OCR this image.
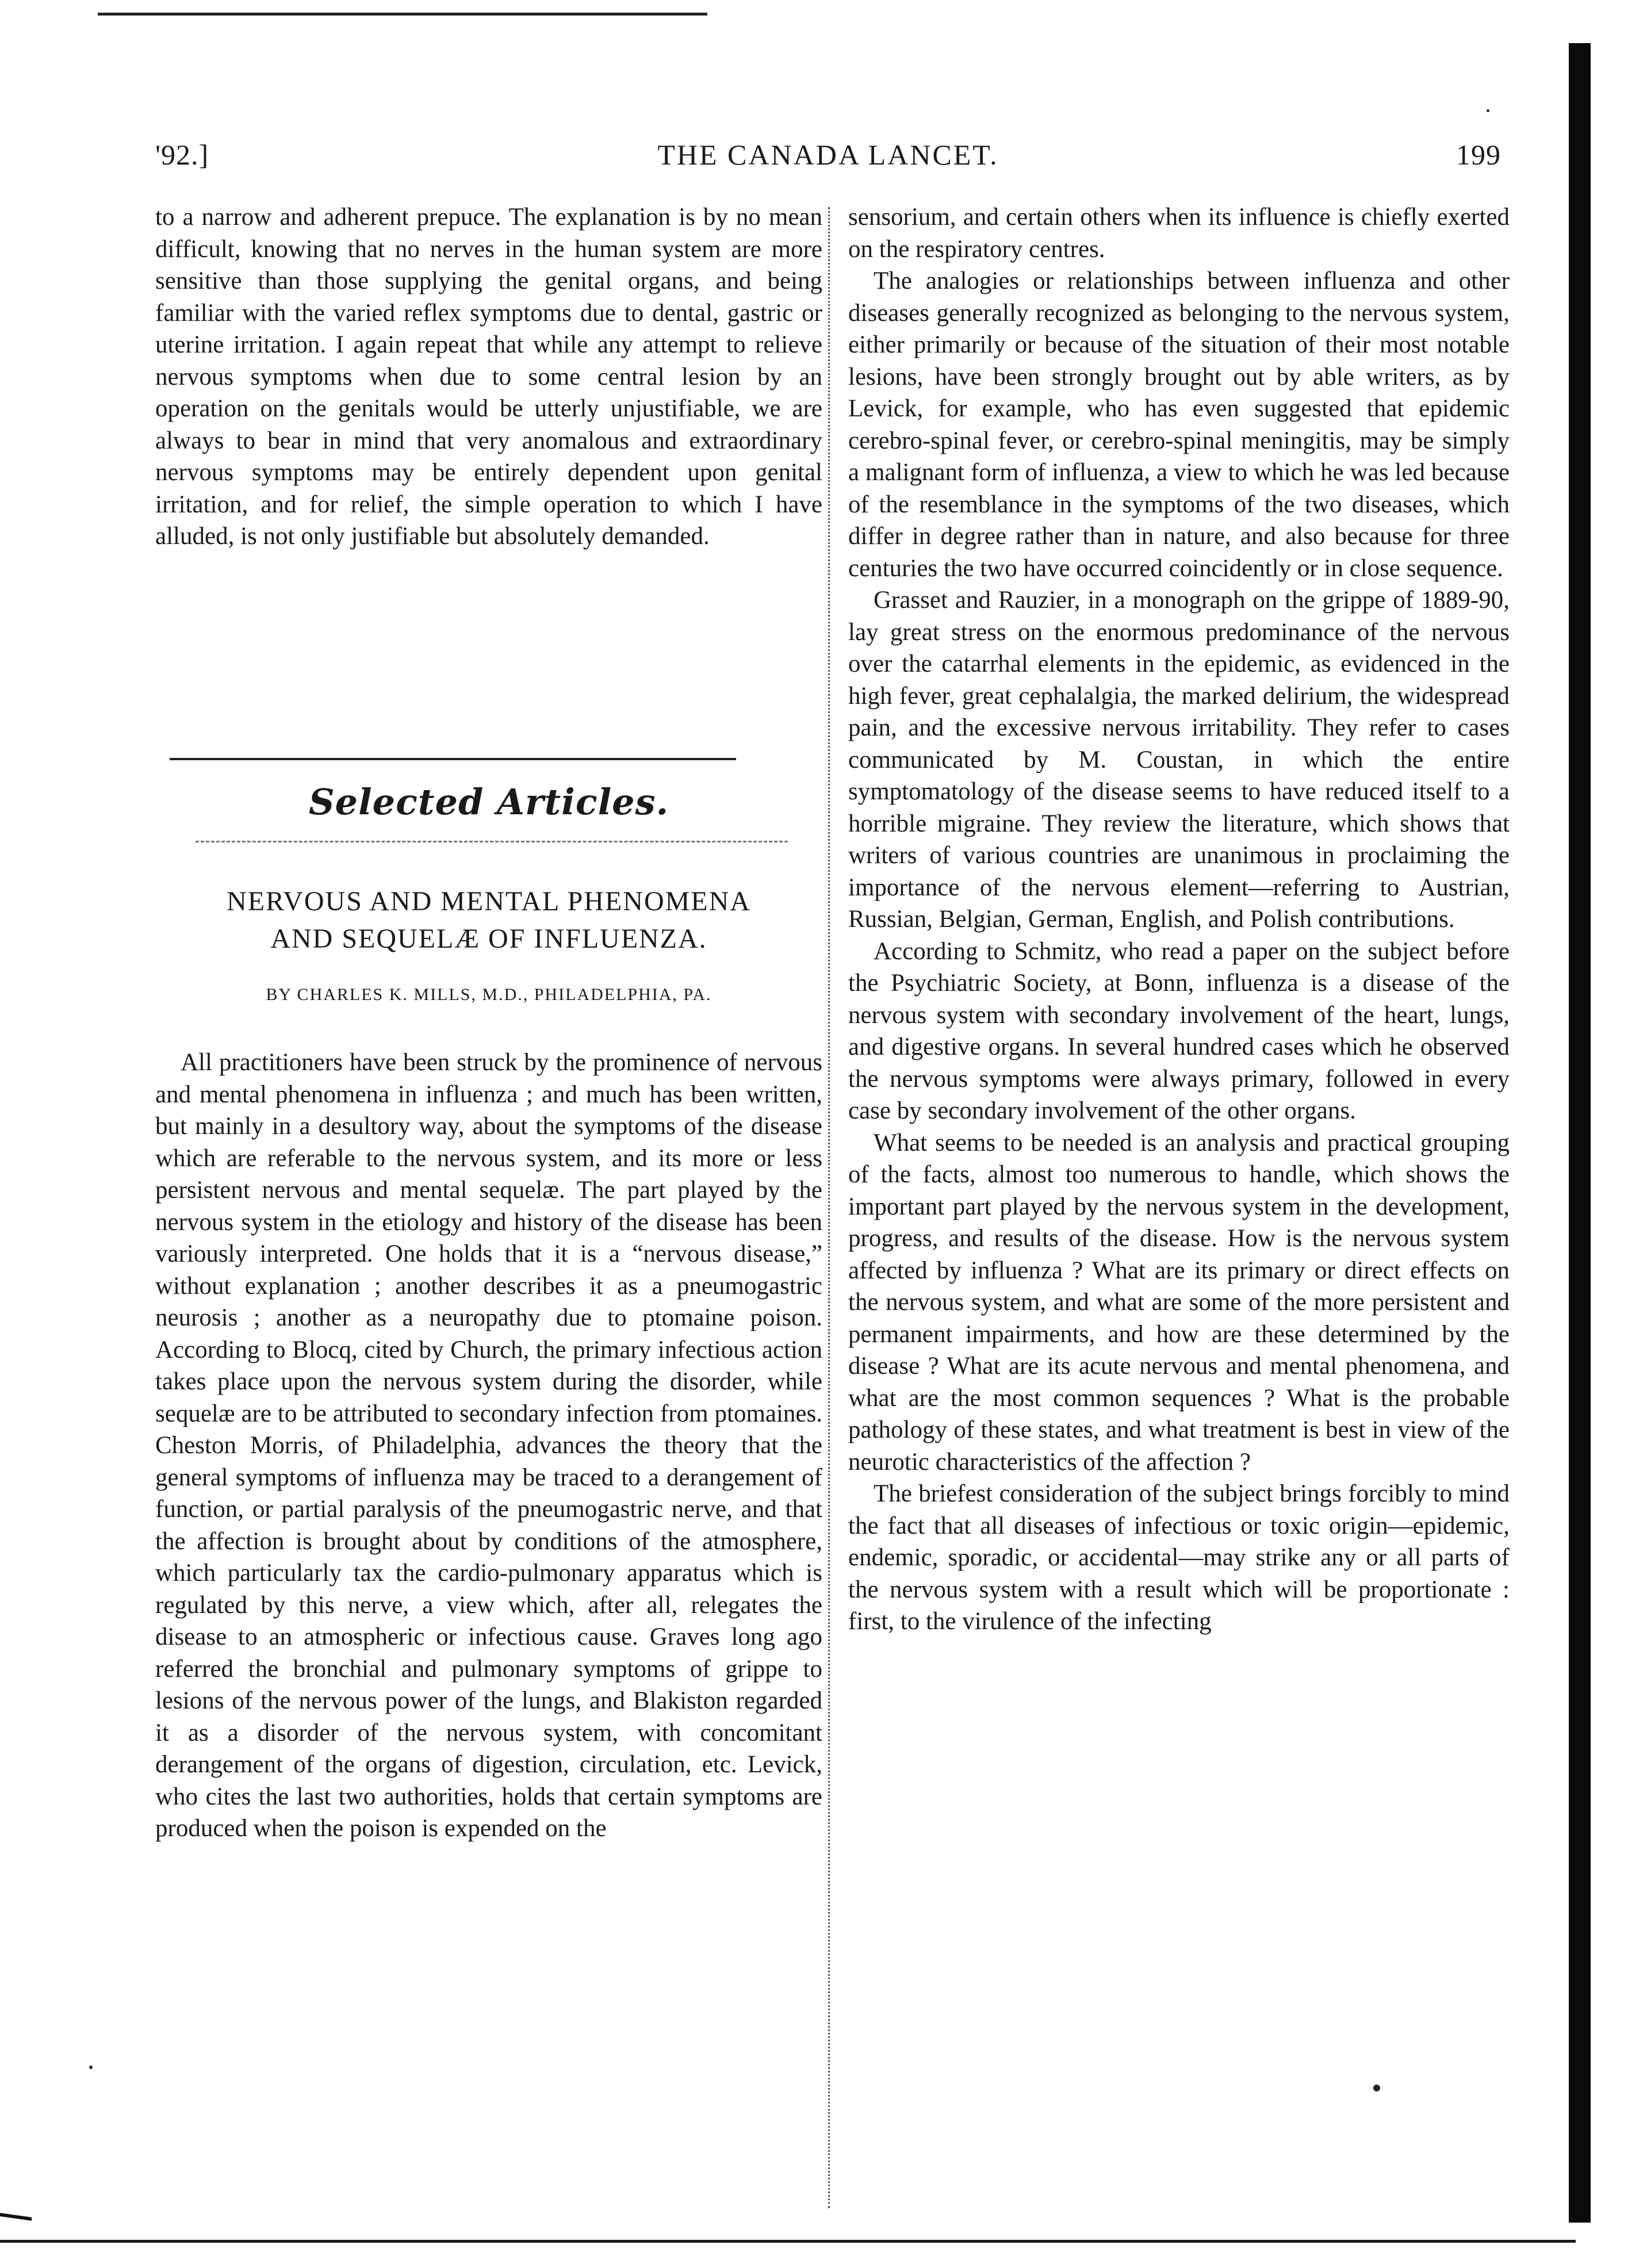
'92.]	THE CANADA LANCET.	199

to a narrow and adherent prepuce. The explanation is by no mean difficult, knowing that no nerves in the human system are more sensitive than those supplying the genital organs, and being familiar with the varied reflex symptoms due to dental, gastric or uterine irritation. I again repeat that while any attempt to relieve nervous symptoms when due to some central lesion by an operation on the genitals would be utterly unjustifiable, we are always to bear in mind that very anomalous and extraordinary nervous symptoms may be entirely dependent upon genital irritation, and for relief, the simple operation to which I have alluded, is not only justifiable but absolutely demanded.

Selected Articles.
NERVOUS AND MENTAL PHENOMENA
AND SEQUELÆ OF INFLUENZA.
BY CHARLES K. MILLS, M.D., PHILADELPHIA, PA.

All practitioners have been struck by the prominence of nervous and mental phenomena in influenza ; and much has been written, but mainly in a desultory way, about the symptoms of the disease which are referable to the nervous system, and its more or less persistent nervous and mental sequelæ. The part played by the nervous system in the etiology and history of the disease has been variously interpreted. One holds that it is a “nervous disease,” without explanation ; another describes it as a pneumogastric neurosis ; another as a neuropathy due to ptomaine poison. According to Blocq, cited by Church, the primary infectious action takes place upon the nervous system during the disorder, while sequelæ are to be attributed to secondary infection from ptomaines. Cheston Morris, of Philadelphia, advances the theory that the general symptoms of influenza may be traced to a derangement of function, or partial paralysis of the pneumogastric nerve, and that the affection is brought about by conditions of the atmosphere, which particularly tax the cardio-pulmonary apparatus which is regulated by this nerve, a view which, after all, relegates the disease to an atmospheric or infectious cause. Graves long ago referred the bronchial and pulmonary symptoms of grippe to lesions of the nervous power of the lungs, and Blakiston regarded it as a disorder of the nervous system, with concomitant derangement of the organs of digestion, circulation, etc. Levick, who cites the last two authorities, holds that certain symptoms are produced when the poison is expended on the

sensorium, and certain others when its influence is chiefly exerted on the respiratory centres.

The analogies or relationships between influenza and other diseases generally recognized as belonging to the nervous system, either primarily or because of the situation of their most notable lesions, have been strongly brought out by able writers, as by Levick, for example, who has even suggested that epidemic cerebro-spinal fever, or cerebro-spinal meningitis, may be simply a malignant form of influenza, a view to which he was led because of the resemblance in the symptoms of the two diseases, which differ in degree rather than in nature, and also because for three centuries the two have occurred coincidently or in close sequence.

Grasset and Rauzier, in a monograph on the grippe of 1889-90, lay great stress on the enormous predominance of the nervous over the catarrhal elements in the epidemic, as evidenced in the high fever, great cephalalgia, the marked delirium, the widespread pain, and the excessive nervous irritability. They refer to cases communicated by M. Coustan, in which the entire symptomatology of the disease seems to have reduced itself to a horrible migraine. They review the literature, which shows that writers of various countries are unanimous in proclaiming the importance of the nervous element—referring to Austrian, Russian, Belgian, German, English, and Polish contributions.

According to Schmitz, who read a paper on the subject before the Psychiatric Society, at Bonn, influenza is a disease of the nervous system with secondary involvement of the heart, lungs, and digestive organs. In several hundred cases which he observed the nervous symptoms were always primary, followed in every case by secondary involvement of the other organs.

What seems to be needed is an analysis and practical grouping of the facts, almost too numerous to handle, which shows the important part played by the nervous system in the development, progress, and results of the disease. How is the nervous system affected by influenza ? What are its primary or direct effects on the nervous system, and what are some of the more persistent and permanent impairments, and how are these determined by the disease ? What are its acute nervous and mental phenomena, and what are the most common sequences ? What is the probable pathology of these states, and what treatment is best in view of the neurotic characteristics of the affection ?

The briefest consideration of the subject brings forcibly to mind the fact that all diseases of infectious or toxic origin—epidemic, endemic, sporadic, or accidental—may strike any or all parts of the nervous system with a result which will be proportionate : first, to the virulence of the infecting
